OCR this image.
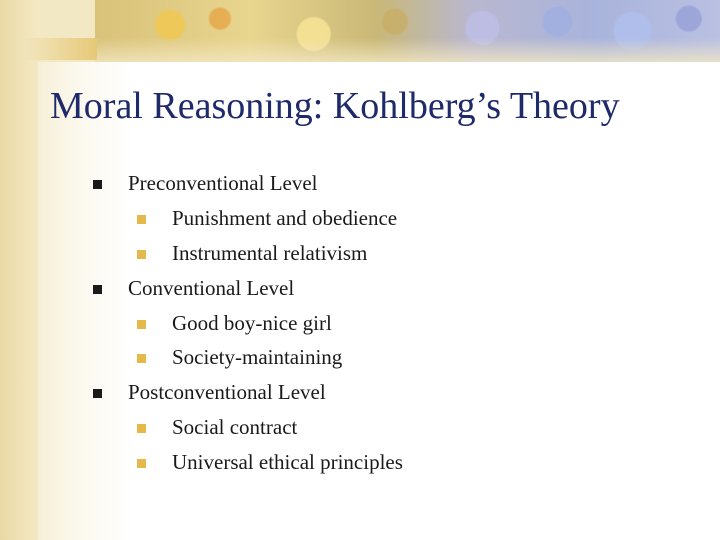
Moral Reasoning: Kohlberg’s Theory
Preconventional Level
Punishment and obedience
Instrumental relativism
Conventional Level
Good boy-nice girl
Society-maintaining
Postconventional Level
Social contract
Universal ethical principles
